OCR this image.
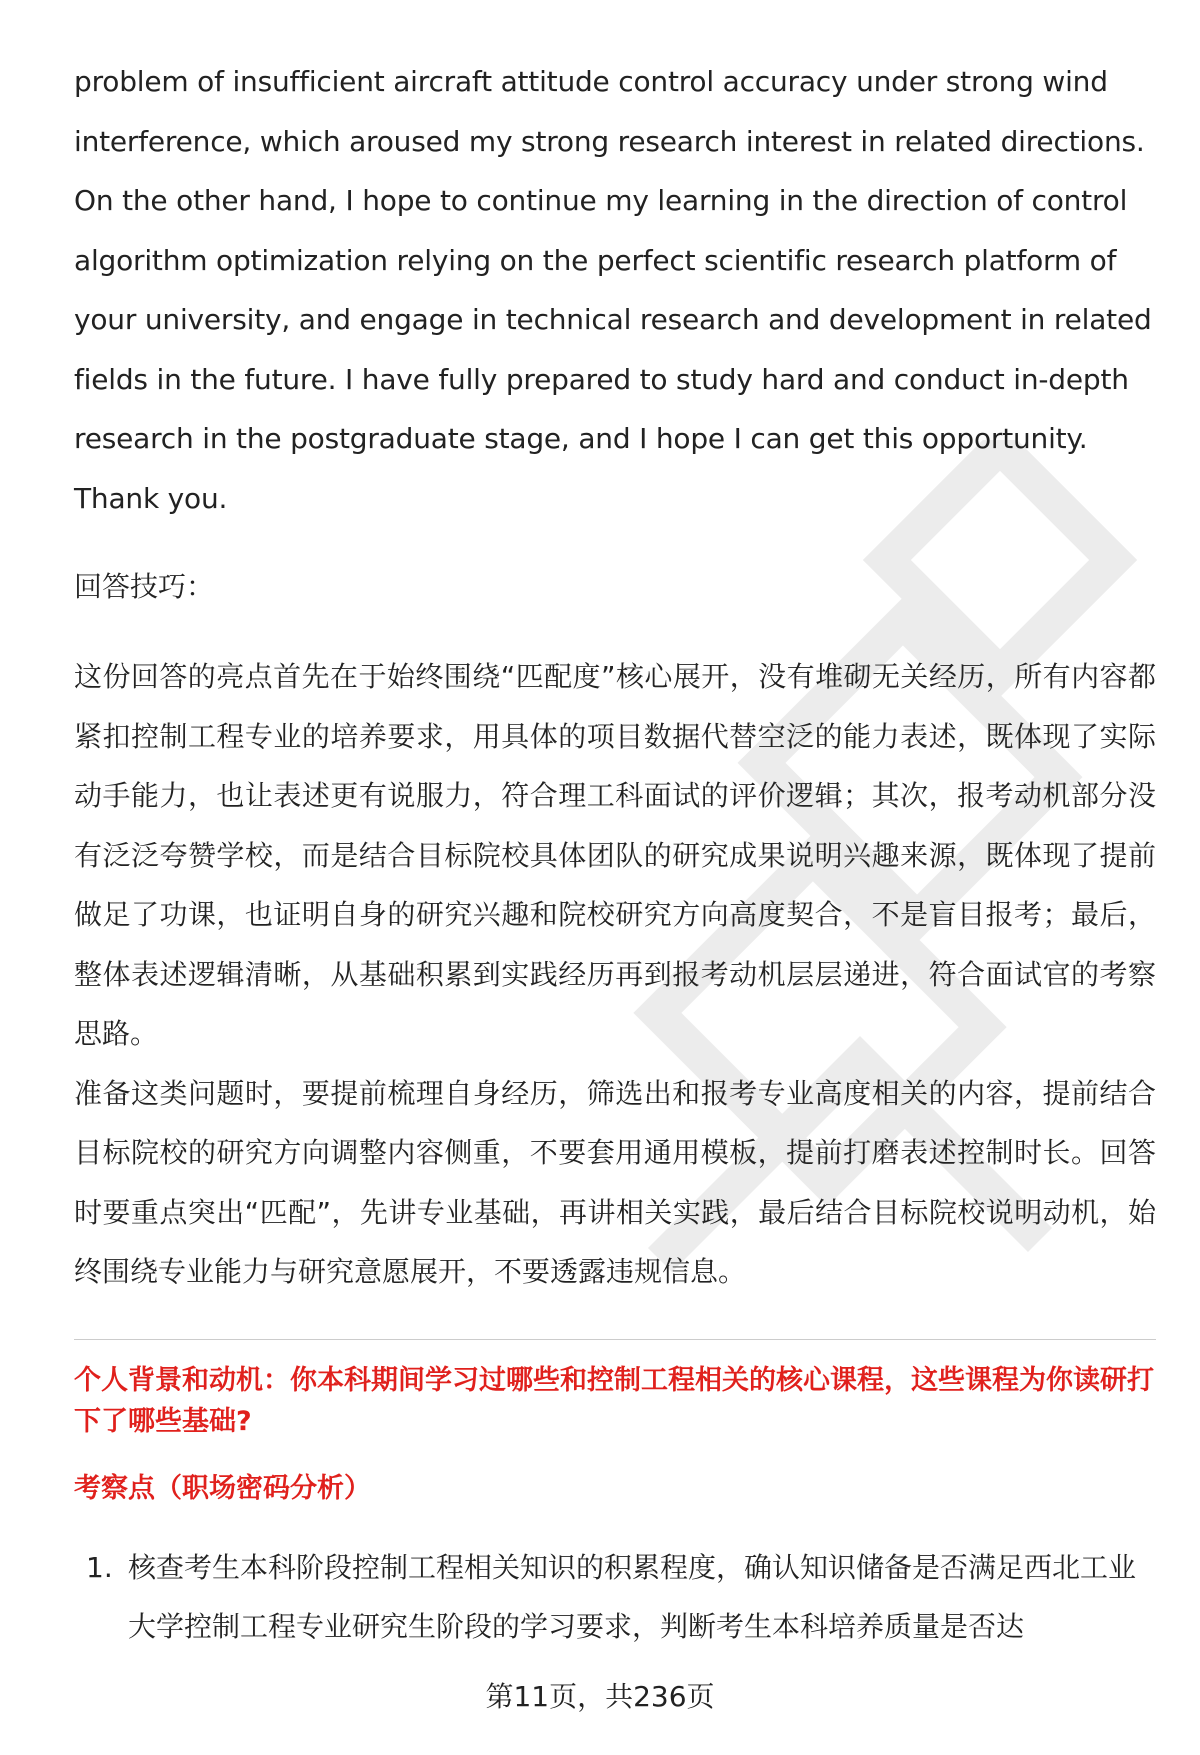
problem of insufficient aircraft attitude control accuracy under strong wind interference, which aroused my strong research interest in related directions. On the other hand, I hope to continue my learning in the direction of control algorithm optimization relying on the perfect scientific research platform of your university, and engage in technical research and development in related fields in the future. I have fully prepared to study hard and conduct in-depth research in the postgraduate stage, and I hope I can get this opportunity. Thank you.

回答技巧：

这份回答的亮点首先在于始终围绕“匹配度”核心展开，没有堆砌无关经历，所有内容都紧扣控制工程专业的培养要求，用具体的项目数据代替空泛的能力表述，既体现了实际动手能力，也让表述更有说服力，符合理工科面试的评价逻辑；其次，报考动机部分没有泛泛夸赞学校，而是结合目标院校具体团队的研究成果说明兴趣来源，既体现了提前做足了功课，也证明自身的研究兴趣和院校研究方向高度契合，不是盲目报考；最后，整体表述逻辑清晰，从基础积累到实践经历再到报考动机层层递进，符合面试官的考察思路。

准备这类问题时，要提前梳理自身经历，筛选出和报考专业高度相关的内容，提前结合目标院校的研究方向调整内容侧重，不要套用通用模板，提前打磨表述控制时长。回答时要重点突出“匹配”，先讲专业基础，再讲相关实践，最后结合目标院校说明动机，始终围绕专业能力与研究意愿展开，不要透露违规信息。

个人背景和动机：你本科期间学习过哪些和控制工程相关的核心课程，这些课程为你读研打下了哪些基础?

考察点（职场密码分析）

1. 核查考生本科阶段控制工程相关知识的积累程度，确认知识储备是否满足西北工业大学控制工程专业研究生阶段的学习要求，判断考生本科培养质量是否达
第11页，共236页
